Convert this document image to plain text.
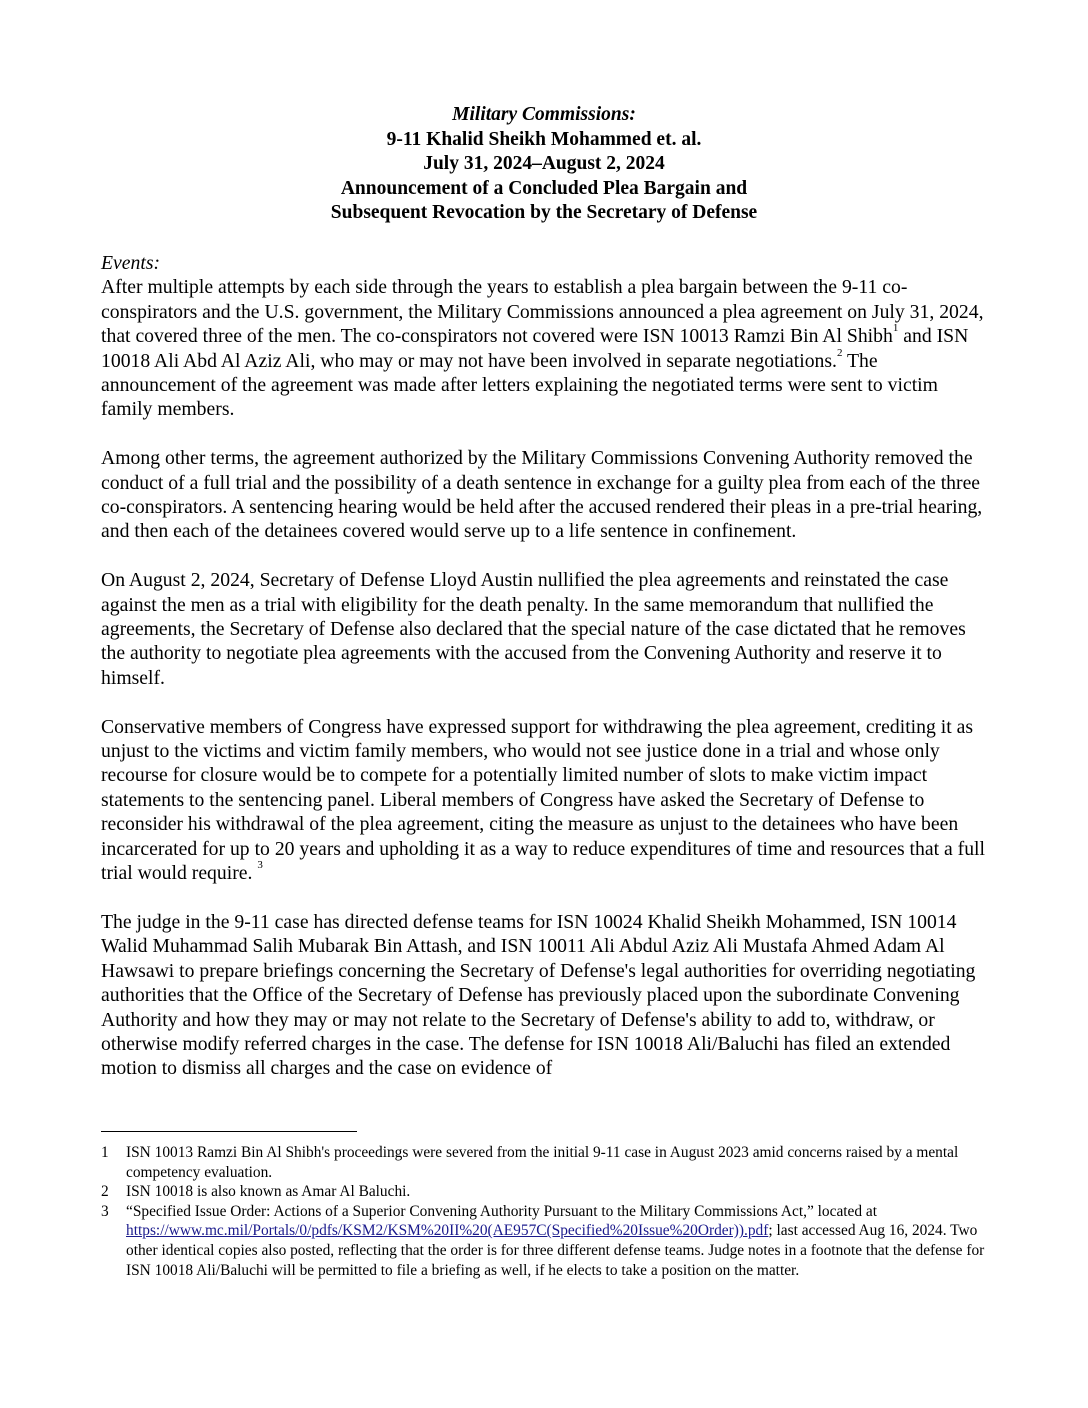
Military Commissions:
9-11 Khalid Sheikh Mohammed et. al.
July 31, 2024–August 2, 2024
Announcement of a Concluded Plea Bargain and
Subsequent Revocation by the Secretary of Defense

Events:
After multiple attempts by each side through the years to establish a plea bargain between the 9-11 co-conspirators and the U.S. government, the Military Commissions announced a plea agreement on July 31, 2024, that covered three of the men. The co-conspirators not covered were ISN 10013 Ramzi Bin Al Shibh$^1$ and ISN 10018 Ali Abd Al Aziz Ali, who may or may not have been involved in separate negotiations.$^2$ The announcement of the agreement was made after letters explaining the negotiated terms were sent to victim family members.

Among other terms, the agreement authorized by the Military Commissions Convening Authority removed the conduct of a full trial and the possibility of a death sentence in exchange for a guilty plea from each of the three co-conspirators. A sentencing hearing would be held after the accused rendered their pleas in a pre-trial hearing, and then each of the detainees covered would serve up to a life sentence in confinement.

On August 2, 2024, Secretary of Defense Lloyd Austin nullified the plea agreements and reinstated the case against the men as a trial with eligibility for the death penalty. In the same memorandum that nullified the agreements, the Secretary of Defense also declared that the special nature of the case dictated that he removes the authority to negotiate plea agreements with the accused from the Convening Authority and reserve it to himself.

Conservative members of Congress have expressed support for withdrawing the plea agreement, crediting it as unjust to the victims and victim family members, who would not see justice done in a trial and whose only recourse for closure would be to compete for a potentially limited number of slots to make victim impact statements to the sentencing panel. Liberal members of Congress have asked the Secretary of Defense to reconsider his withdrawal of the plea agreement, citing the measure as unjust to the detainees who have been incarcerated for up to 20 years and upholding it as a way to reduce expenditures of time and resources that a full trial would require. $^3$

The judge in the 9-11 case has directed defense teams for ISN 10024 Khalid Sheikh Mohammed, ISN 10014 Walid Muhammad Salih Mubarak Bin Attash, and ISN 10011 Ali Abdul Aziz Ali Mustafa Ahmed Adam Al Hawsawi to prepare briefings concerning the Secretary of Defense's legal authorities for overriding negotiating authorities that the Office of the Secretary of Defense has previously placed upon the subordinate Convening Authority and how they may or may not relate to the Secretary of Defense's ability to add to, withdraw, or otherwise modify referred charges in the case. The defense for ISN 10018 Ali/Baluchi has filed an extended motion to dismiss all charges and the case on evidence of

1	ISN 10013 Ramzi Bin Al Shibh's proceedings were severed from the initial 9-11 case in August 2023 amid concerns raised by a mental competency evaluation.
2	ISN 10018 is also known as Amar Al Baluchi.
3	“Specified Issue Order: Actions of a Superior Convening Authority Pursuant to the Military Commissions Act,” located at https://www.mc.mil/Portals/0/pdfs/KSM2/KSM%20II%20(AE957C(Specified%20Issue%20Order)).pdf; last accessed Aug 16, 2024. Two other identical copies also posted, reflecting that the order is for three different defense teams. Judge notes in a footnote that the defense for ISN 10018 Ali/Baluchi will be permitted to file a briefing as well, if he elects to take a position on the matter.
